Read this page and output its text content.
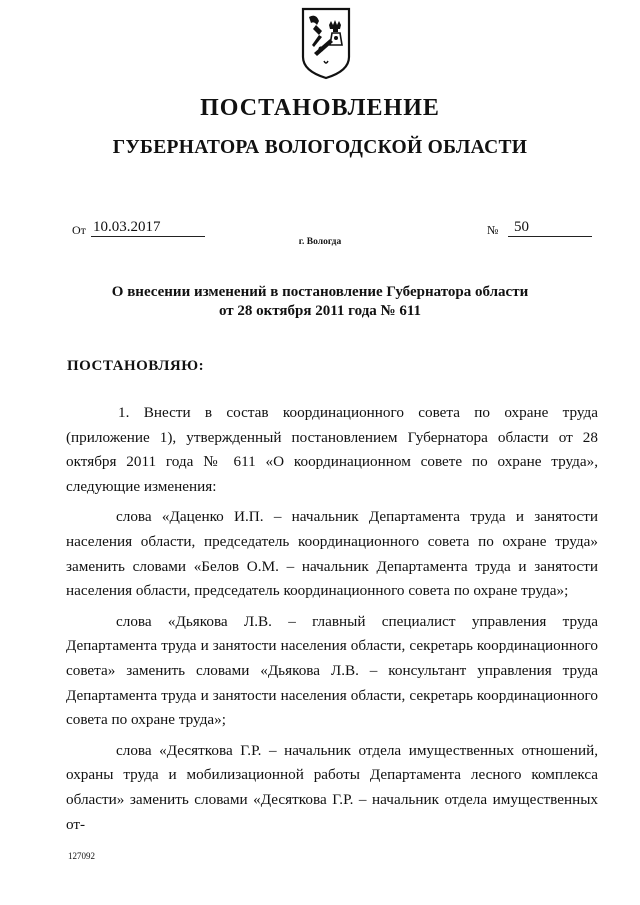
ПОСТАНОВЛЕНИЕ
ГУБЕРНАТОРА ВОЛОГОДСКОЙ ОБЛАСТИ
От 10.03.2017	№	50
г. Вологда
О внесении изменений в постановление Губернатора области
от 28 октября 2011 года № 611
ПОСТАНОВЛЯЮ:

1. Внести в состав координационного совета по охране труда (приложение 1), утвержденный постановлением Губернатора области от 28 октября 2011 года № 611 «О координационном совете по охране труда», следующие изменения:

слова «Даценко И.П. – начальник Департамента труда и занятости населения области, председатель координационного совета по охране труда» заменить словами «Белов О.М. – начальник Департамента труда и занятости населения области, председатель координационного совета по охране труда»;

слова «Дьякова Л.В. – главный специалист управления труда Департамента труда и занятости населения области, секретарь координационного совета» заменить словами «Дьякова Л.В. – консультант управления труда Департамента труда и занятости населения области, секретарь координационного совета по охране труда»;

слова «Десяткова Г.Р. – начальник отдела имущественных отношений, охраны труда и мобилизационной работы Департамента лесного комплекса области» заменить словами «Десяткова Г.Р. – начальник отдела имущественных от-

127092
